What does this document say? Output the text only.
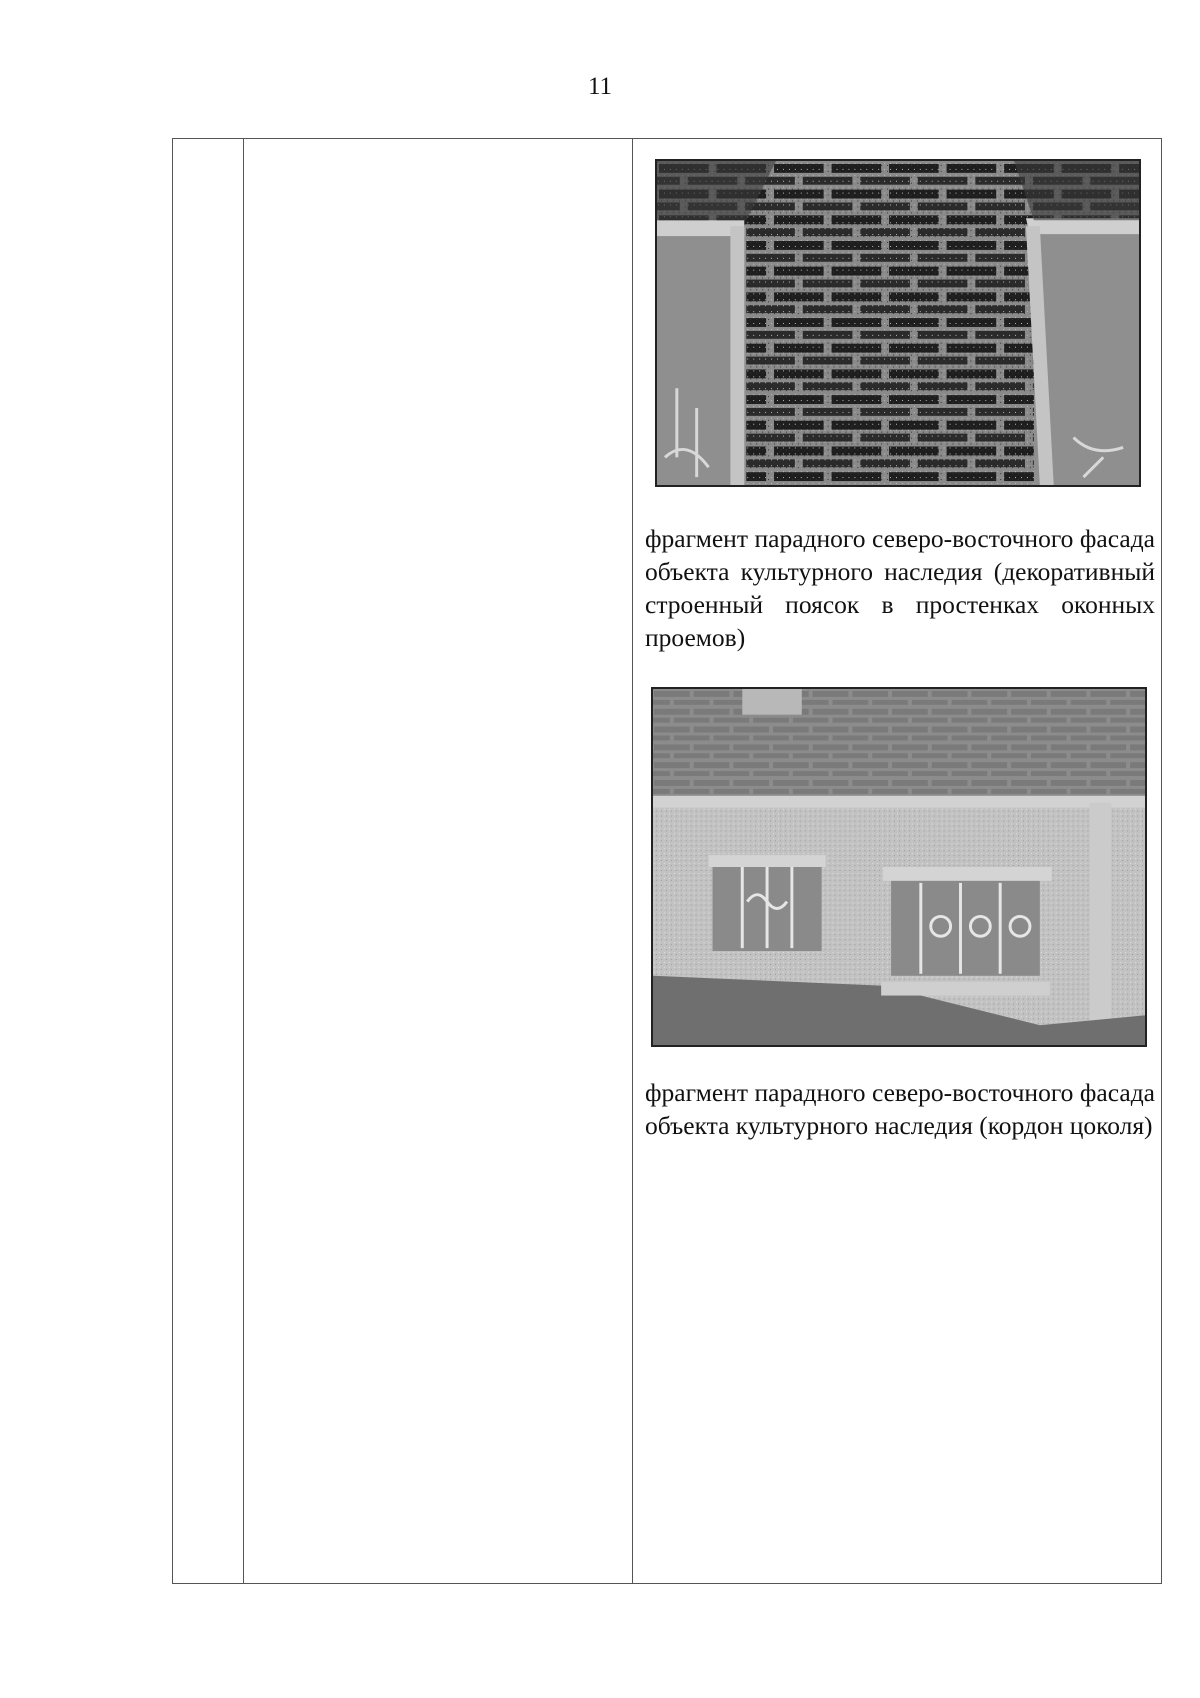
11
фрагмент парадного северо-восточного фасада объекта культурного наследия (декоративный строенный поясок в простенках оконных проемов)
фрагмент парадного северо-восточного фасада объекта культурного наследия (кордон цоколя)
